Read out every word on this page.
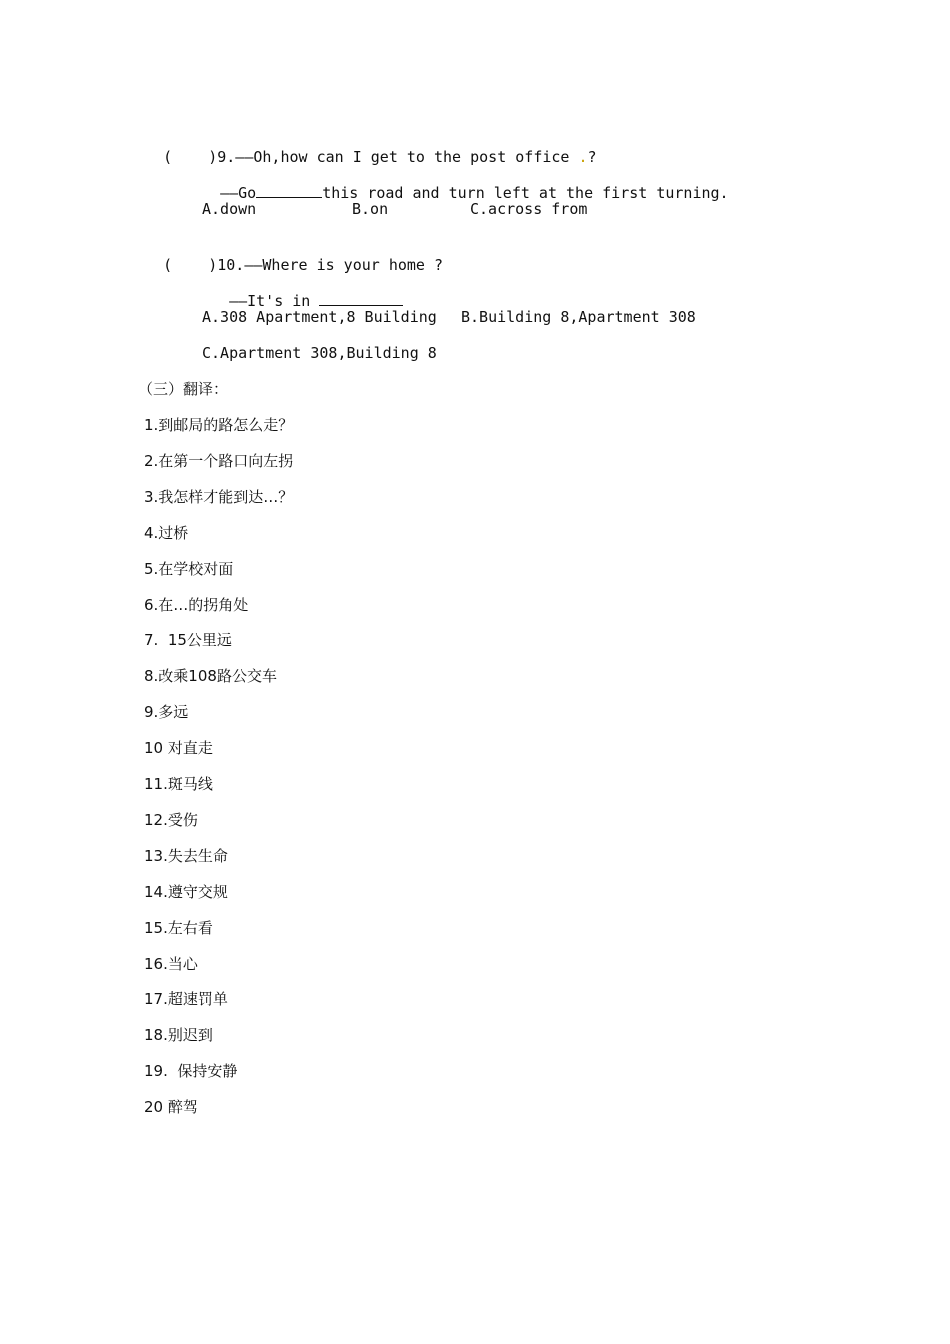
(    )9.——Oh,how can I get to the post office .?

——Go	this road and turn left at the first turning.

A.down	B.on	C.across from

(    )10.——Where is your home ?

——It's in

A.308 Apartment,8 Building B.Building 8,Apartment 308
C.Apartment 308,Building 8
（三）翻译：
1.到邮局的路怎么走？
2.在第一个路口向左拐
3.我怎样才能到达…？
4.过桥
5.在学校对面
6.在…的拐角处
7.  15公里远
8.改乘108路公交车
9.多远
10 对直走
11.斑马线
12.受伤
13.失去生命
14.遵守交规
15.左右看
16.当心
17.超速罚单
18.别迟到
19.  保持安静
20 醉驾
